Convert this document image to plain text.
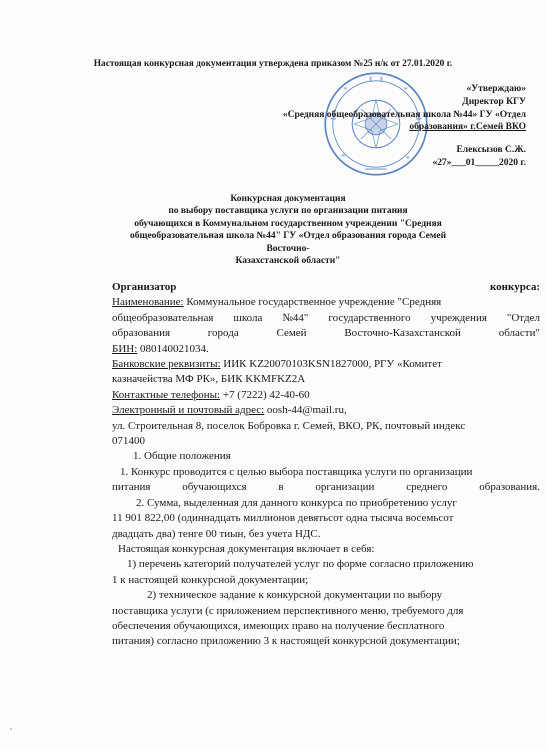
Настоящая конкурсная документация утверждена приказом №25 н/к от 27.01.2020 г.
«Утверждаю»
Директор КГУ
«Средняя общеобразовательная школа №44» ГУ «Отдел
образования» г.Семей ВКО
Елексызов С.Ж.
«27»___01_____2020 г.
Конкурсная документация
по выбору поставщика услуги по организации питания
обучающихся в Коммунальном государственном учреждении "Средняя
общеобразовательная школа №44" ГУ «Отдел образования города Семей Восточно-
Казахстанской области"
Организатор	конкурса:
Наименование: Коммунальное государственное учреждение "Средняя
общеобразовательная школа №44" государственного учреждения "Отдел
образования	города	Семей	Восточно-Казахстанской	области"
БИН: 080140021034.
Банковские реквизиты: ИИК KZ20070103KSN1827000, РГУ «Комитет
казначейства МФ РК», БИК KKMFKZ2A
Контактные телефоны: +7 (7222) 42-40-60
Электронный и почтовый адрес: oosh-44@mail.ru,
ул. Строительная 8, поселок Бобровка г. Семей, ВКО, РК, почтовый индекс
071400
1. Общие положения
1. Конкурс проводится с целью выбора поставщика услуги по организации
питания	обучающихся	в	организации	среднего	образования.
2. Сумма, выделенная для данного конкурса по приобретению услуг
11 901 822,00 (одиннадцать миллионов девятьсот одна тысяча восемьсот
двадцать два) тенге 00 тиын, без учета НДС.
Настоящая конкурсная документация включает в себя:
1) перечень категорий получателей услуг по форме согласно приложению
1 к настоящей конкурсной документации;
2) техническое задание к конкурсной документации по выбору
поставщика услуги (с приложением перспективного меню, требуемого для
обеспечения обучающихся, имеющих право на получение бесплатного
питания) согласно приложению 3 к настоящей конкурсной документации;
